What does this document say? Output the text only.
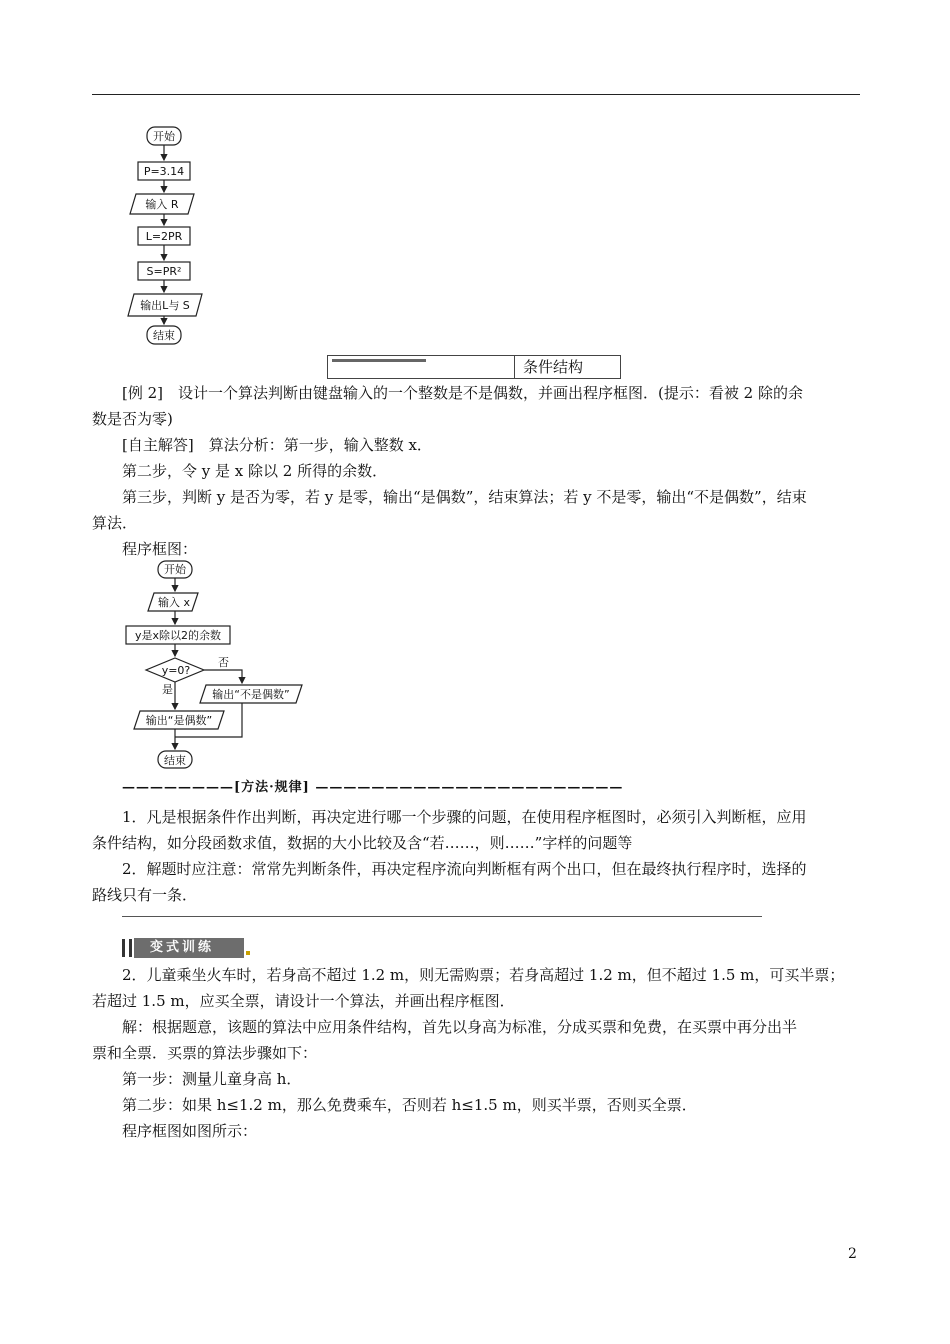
开始
P=3.14
输入 R
L=2PR
S=PR²
输出L与 S
结束
条件结构
[例 2]　设计一个算法判断由键盘输入的一个整数是不是偶数，并画出程序框图．(提示：看被 2 除的余
数是否为零)
[自主解答]　算法分析：第一步，输入整数 x．
第二步，令 y 是 x 除以 2 所得的余数．
第三步，判断 y 是否为零，若 y 是零，输出“是偶数”，结束算法；若 y 不是零，输出“不是偶数”，结束
算法．
程序框图：
开始
输入 x
y是x除以2的余数
y=0?
否
是	输出“不是偶数”
输出“是偶数”
结束
————————[方法·规律] ——————————————————————
1．凡是根据条件作出判断，再决定进行哪一个步骤的问题，在使用程序框图时，必须引入判断框，应用
条件结构，如分段函数求值，数据的大小比较及含“若……，则……”字样的问题等
2．解题时应注意：常常先判断条件，再决定程序流向判断框有两个出口，但在最终执行程序时，选择的
路线只有一条．
变式训练
2．儿童乘坐火车时，若身高不超过 1.2 m，则无需购票；若身高超过 1.2 m，但不超过 1.5 m，可买半票；
若超过 1.5 m，应买全票，请设计一个算法，并画出程序框图．
解：根据题意，该题的算法中应用条件结构，首先以身高为标准，分成买票和免费，在买票中再分出半
票和全票．买票的算法步骤如下：
第一步：测量儿童身高 h．
第二步：如果 h≤1.2 m，那么免费乘车，否则若 h≤1.5 m，则买半票，否则买全票．
程序框图如图所示：
2
